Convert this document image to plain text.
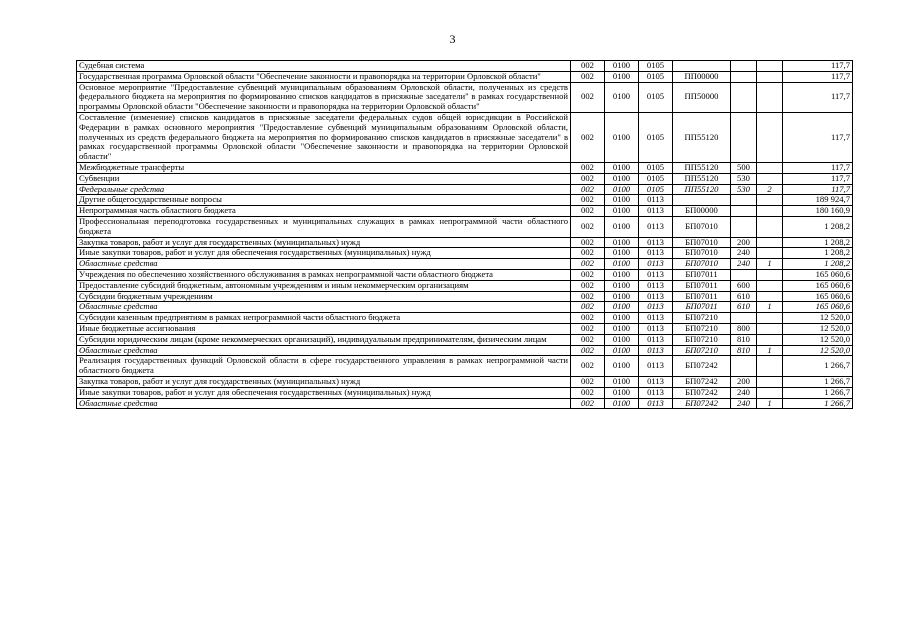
3
Судебная система	002	0100	0105				117,7
Государственная программа Орловской области "Обеспечение законности и правопорядка на территории Орловской области"	002	0100	0105	ПП00000			117,7
Основное мероприятие "Предоставление субвенций муниципальным образованиям Орловской области, полученных из средств федерального бюджета на мероприятия по формированию списков кандидатов в присяжные заседатели" в рамках государственной программы Орловской области "Обеспечение законности и правопорядка на территории Орловской области"	002	0100	0105	ПП50000			117,7
Составление (изменение) списков кандидатов в присяжные заседатели федеральных судов общей юрисдикции в Российской Федерации в рамках основного мероприятия "Предоставление субвенций муниципальным образованиям Орловской области, полученных из средств федерального бюджета на мероприятия по формированию списков кандидатов в присяжные заседатели" в рамках государственной программы Орловской области "Обеспечение законности и правопорядка на территории Орловской области"	002	0100	0105	ПП55120			117,7
Межбюджетные трансферты	002	0100	0105	ПП55120	500		117,7
Субвенции	002	0100	0105	ПП55120	530		117,7
Федеральные средства	002	0100	0105	ПП55120	530	2	117,7
Другие общегосударственные вопросы	002	0100	0113				189 924,7
Непрограммная часть областного бюджета	002	0100	0113	БП00000			180 160,9
Профессиональная переподготовка государственных и муниципальных служащих в рамках непрограммной части областного бюджета	002	0100	0113	БП07010			1 208,2
Закупка товаров, работ и услуг для государственных (муниципальных) нужд	002	0100	0113	БП07010	200		1 208,2
Иные закупки товаров, работ и услуг для обеспечения государственных (муниципальных) нужд	002	0100	0113	БП07010	240		1 208,2
Областные средства	002	0100	0113	БП07010	240	1	1 208,2
Учреждения по обеспечению хозяйственного обслуживания в рамках непрограммной части областного бюджета	002	0100	0113	БП07011			165 060,6
Предоставление субсидий бюджетным, автономным учреждениям и иным некоммерческим организациям	002	0100	0113	БП07011	600		165 060,6
Субсидии бюджетным учреждениям	002	0100	0113	БП07011	610		165 060,6
Областные средства	002	0100	0113	БП07011	610	1	165 060,6
Субсидии казенным предприятиям в рамках непрограммной части областного бюджета	002	0100	0113	БП07210			12 520,0
Иные бюджетные ассигнования	002	0100	0113	БП07210	800		12 520,0
Субсидии юридическим лицам (кроме некоммерческих организаций), индивидуальным предпринимателям, физическим лицам	002	0100	0113	БП07210	810		12 520,0
Областные средства	002	0100	0113	БП07210	810	1	12 520,0
Реализация государственных функций Орловской области в сфере государственного управления в рамках непрограммной части областного бюджета	002	0100	0113	БП07242			1 266,7
Закупка товаров, работ и услуг для государственных (муниципальных) нужд	002	0100	0113	БП07242	200		1 266,7
Иные закупки товаров, работ и услуг для обеспечения государственных (муниципальных) нужд	002	0100	0113	БП07242	240		1 266,7
Областные средства	002	0100	0113	БП07242	240	1	1 266,7
